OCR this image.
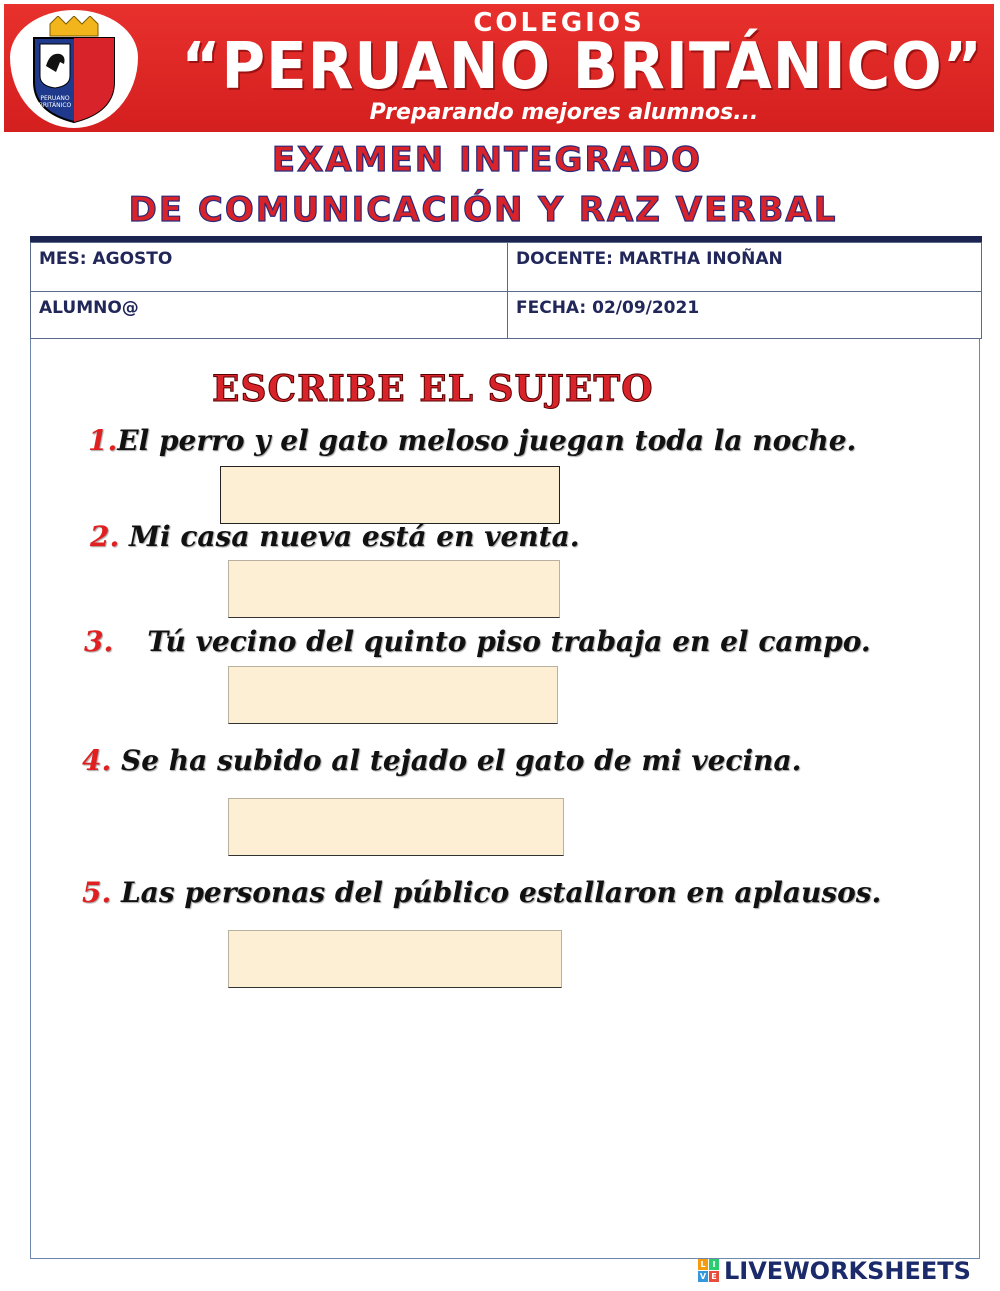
PERUANO
BRITÁNICO
COLEGIOS
“PERUANO BRITÁNICO”
Preparando mejores alumnos...
EXAMEN INTEGRADO
DE COMUNICACIÓN Y RAZ VERBAL
MES: AGOSTO	DOCENTE: MARTHA INOÑAN
ALUMNO@	FECHA: 02/09/2021
ESCRIBE EL SUJETO
1.El perro y el gato meloso juegan toda la noche.
2. Mi casa nueva está en venta.
3. Tú vecino del quinto piso trabaja en el campo.
4. Se ha subido al tejado el gato de mi vecina.
5. Las personas del público estallaron en aplausos.
L I
V E LIVEWORKSHEETS
